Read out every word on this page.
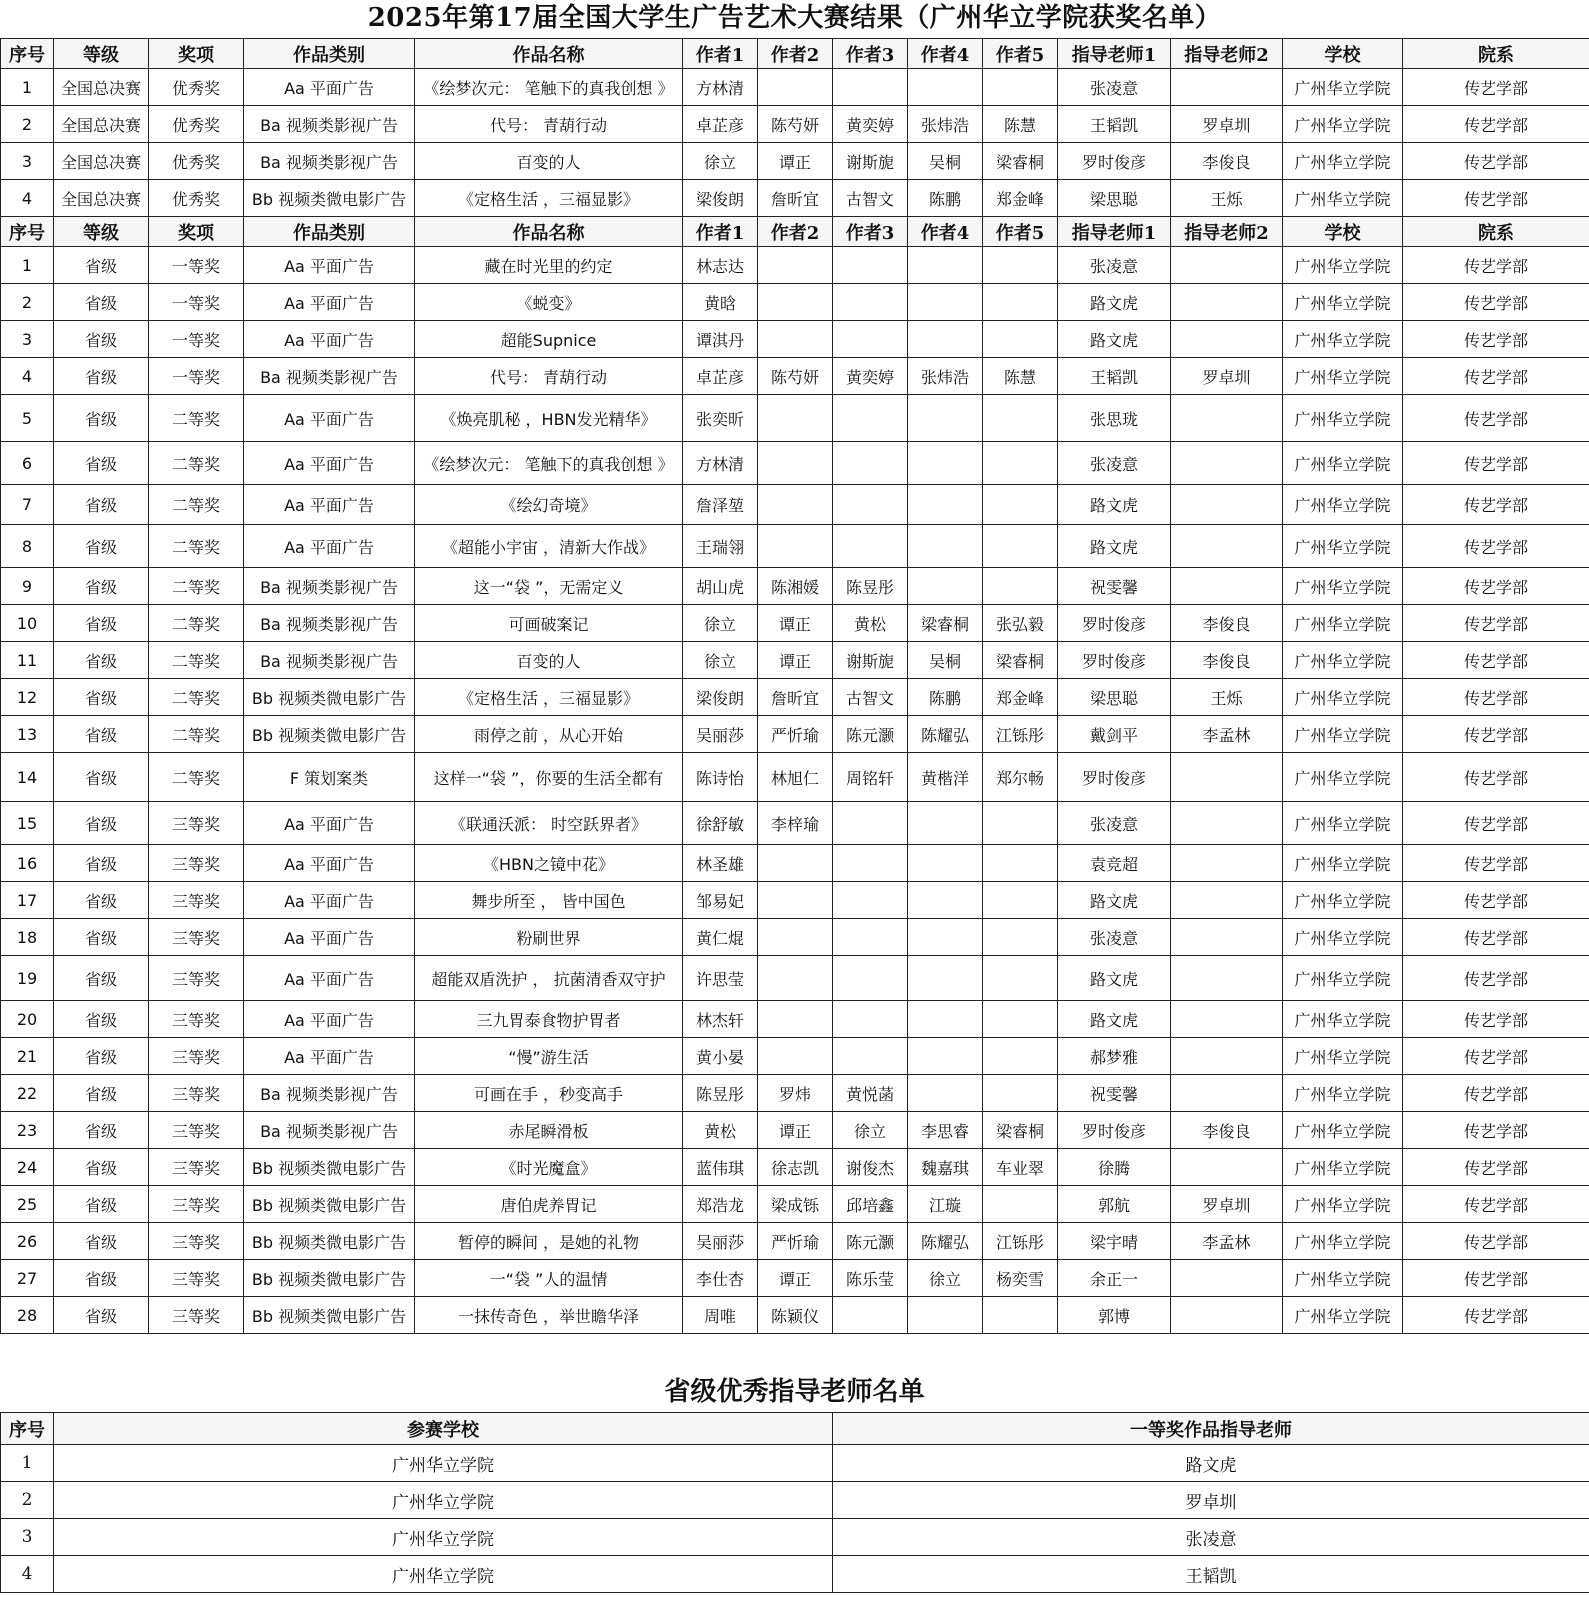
2025年第17届全国大学生广告艺术大赛结果（广州华立学院获奖名单）
序号	等级	奖项	作品类别	作品名称	作者1	作者2	作者3	作者4	作者5	指导老师1	指导老师2	学校	院系
1	全国总决赛	优秀奖	Aa 平面广告	《绘梦次元： 笔触下的真我创想 》	方林清					张凌意		广州华立学院	传艺学部
2	全国总决赛	优秀奖	Ba 视频类影视广告	代号： 青葫行动	卓芷彦	陈芍妍	黄奕婷	张炜浩	陈慧	王韬凯	罗卓圳	广州华立学院	传艺学部
3	全国总决赛	优秀奖	Ba 视频类影视广告	百变的人	徐立	谭正	谢斯旎	吴桐	梁睿桐	罗时俊彦	李俊良	广州华立学院	传艺学部
4	全国总决赛	优秀奖	Bb 视频类微电影广告	《定格生活 ，三福显影》	梁俊朗	詹昕宜	古智文	陈鹏	郑金峰	梁思聪	王烁	广州华立学院	传艺学部
序号	等级	奖项	作品类别	作品名称	作者1	作者2	作者3	作者4	作者5	指导老师1	指导老师2	学校	院系
1	省级	一等奖	Aa 平面广告	藏在时光里的约定	林志达					张凌意		广州华立学院	传艺学部
2	省级	一等奖	Aa 平面广告	《蜕变》	黄晗					路文虎		广州华立学院	传艺学部
3	省级	一等奖	Aa 平面广告	超能Supnice	谭淇丹					路文虎		广州华立学院	传艺学部
4	省级	一等奖	Ba 视频类影视广告	代号： 青葫行动	卓芷彦	陈芍妍	黄奕婷	张炜浩	陈慧	王韬凯	罗卓圳	广州华立学院	传艺学部
5	省级	二等奖	Aa 平面广告	《焕亮肌秘 ，HBN发光精华》	张奕昕					张思珑		广州华立学院	传艺学部
6	省级	二等奖	Aa 平面广告	《绘梦次元： 笔触下的真我创想 》	方林清					张凌意		广州华立学院	传艺学部
7	省级	二等奖	Aa 平面广告	《绘幻奇境》	詹泽堃					路文虎		广州华立学院	传艺学部
8	省级	二等奖	Aa 平面广告	《超能小宇宙 ，清新大作战》	王瑞翎					路文虎		广州华立学院	传艺学部
9	省级	二等奖	Ba 视频类影视广告	这一“袋 ”，无需定义	胡山虎	陈湘媛	陈昱彤			祝雯馨		广州华立学院	传艺学部
10	省级	二等奖	Ba 视频类影视广告	可画破案记	徐立	谭正	黄松	梁睿桐	张弘毅	罗时俊彦	李俊良	广州华立学院	传艺学部
11	省级	二等奖	Ba 视频类影视广告	百变的人	徐立	谭正	谢斯旎	吴桐	梁睿桐	罗时俊彦	李俊良	广州华立学院	传艺学部
12	省级	二等奖	Bb 视频类微电影广告	《定格生活 ，三福显影》	梁俊朗	詹昕宜	古智文	陈鹏	郑金峰	梁思聪	王烁	广州华立学院	传艺学部
13	省级	二等奖	Bb 视频类微电影广告	雨停之前 ，从心开始	吴丽莎	严忻瑜	陈元灏	陈耀弘	江铄彤	戴剑平	李孟林	广州华立学院	传艺学部
14	省级	二等奖	F 策划案类	这样一“袋 ”，你要的生活全都有	陈诗怡	林旭仁	周铭轩	黄楷洋	郑尔畅	罗时俊彦		广州华立学院	传艺学部
15	省级	三等奖	Aa 平面广告	《联通沃派： 时空跃界者》	徐舒敏	李梓瑜				张凌意		广州华立学院	传艺学部
16	省级	三等奖	Aa 平面广告	《HBN之镜中花》	林圣雄					袁竞超		广州华立学院	传艺学部
17	省级	三等奖	Aa 平面广告	舞步所至 ， 皆中国色	邹易妃					路文虎		广州华立学院	传艺学部
18	省级	三等奖	Aa 平面广告	粉刷世界	黄仁焜					张凌意		广州华立学院	传艺学部
19	省级	三等奖	Aa 平面广告	超能双盾洗护 ， 抗菌清香双守护	许思莹					路文虎		广州华立学院	传艺学部
20	省级	三等奖	Aa 平面广告	三九胃泰食物护胃者	林杰轩					路文虎		广州华立学院	传艺学部
21	省级	三等奖	Aa 平面广告	“慢”游生活	黄小晏					郝梦雅		广州华立学院	传艺学部
22	省级	三等奖	Ba 视频类影视广告	可画在手 ，秒变高手	陈昱彤	罗炜	黄悦菡			祝雯馨		广州华立学院	传艺学部
23	省级	三等奖	Ba 视频类影视广告	赤尾瞬滑板	黄松	谭正	徐立	李思睿	梁睿桐	罗时俊彦	李俊良	广州华立学院	传艺学部
24	省级	三等奖	Bb 视频类微电影广告	《时光魔盒》	蓝伟琪	徐志凯	谢俊杰	魏嘉琪	车业翠	徐腾		广州华立学院	传艺学部
25	省级	三等奖	Bb 视频类微电影广告	唐伯虎养胃记	郑浩龙	梁成铄	邱培鑫	江璇		郭航	罗卓圳	广州华立学院	传艺学部
26	省级	三等奖	Bb 视频类微电影广告	暂停的瞬间 ，是她的礼物	吴丽莎	严忻瑜	陈元灏	陈耀弘	江铄彤	梁宇晴	李孟林	广州华立学院	传艺学部
27	省级	三等奖	Bb 视频类微电影广告	一“袋 ”人的温情	李仕杏	谭正	陈乐莹	徐立	杨奕雪	余正一		广州华立学院	传艺学部
28	省级	三等奖	Bb 视频类微电影广告	一抹传奇色 ，举世瞻华泽	周唯	陈颖仪				郭博		广州华立学院	传艺学部
省级优秀指导老师名单
序号	参赛学校	一等奖作品指导老师
1	广州华立学院	路文虎
2	广州华立学院	罗卓圳
3	广州华立学院	张凌意
4	广州华立学院	王韬凯
